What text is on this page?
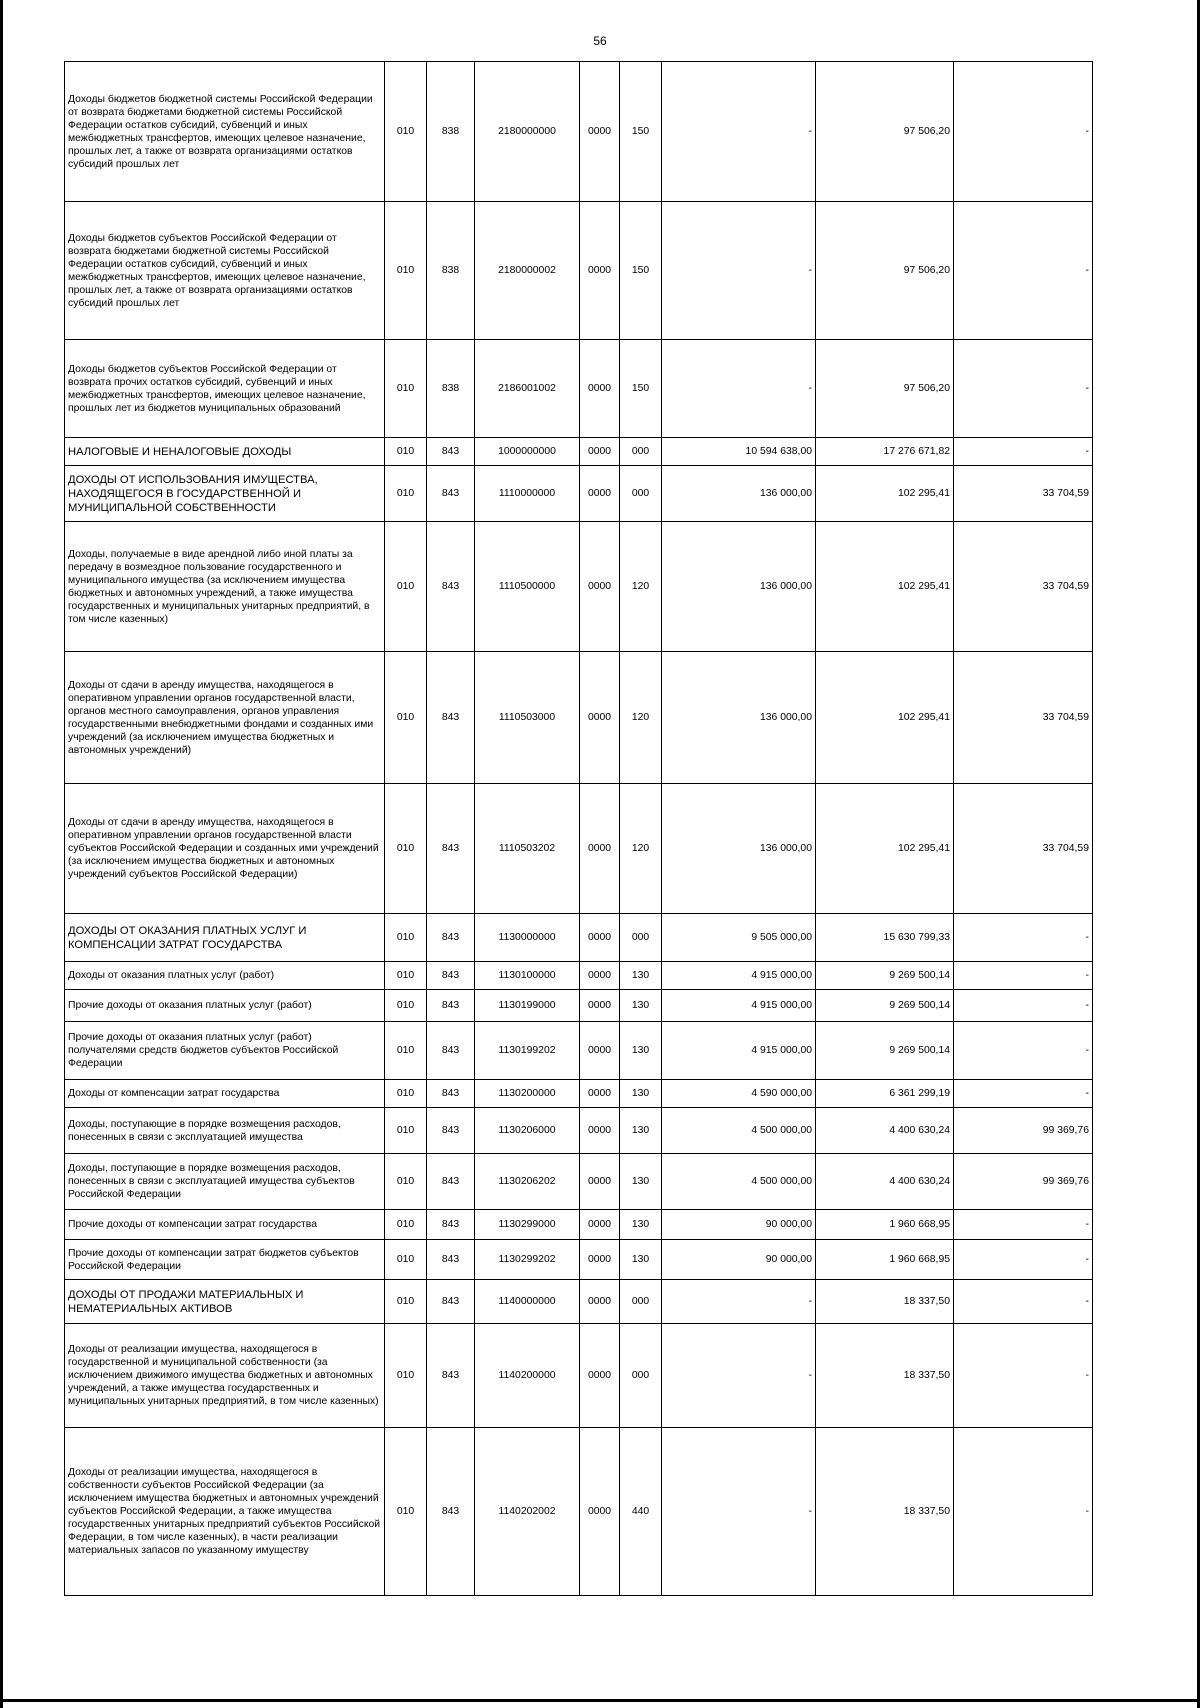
56
Доходы бюджетов бюджетной системы Российской Федерации от возврата бюджетами бюджетной системы Российской Федерации остатков субсидий, субвенций и иных межбюджетных трансфертов, имеющих целевое назначение, прошлых лет, а также от возврата организациями остатков субсидий прошлых лет	010	838	2180000000	0000	150	-	97 506,20	-
Доходы бюджетов субъектов Российской Федерации от возврата бюджетами бюджетной системы Российской Федерации остатков субсидий, субвенций и иных межбюджетных трансфертов, имеющих целевое назначение, прошлых лет, а также от возврата организациями остатков субсидий прошлых лет	010	838	2180000002	0000	150	-	97 506,20	-
Доходы бюджетов субъектов Российской Федерации от возврата прочих остатков субсидий, субвенций и иных межбюджетных трансфертов, имеющих целевое назначение, прошлых лет из бюджетов муниципальных образований	010	838	2186001002	0000	150	-	97 506,20	-
НАЛОГОВЫЕ И НЕНАЛОГОВЫЕ ДОХОДЫ	010	843	1000000000	0000	000	10 594 638,00	17 276 671,82	-
ДОХОДЫ ОТ ИСПОЛЬЗОВАНИЯ ИМУЩЕСТВА, НАХОДЯЩЕГОСЯ В ГОСУДАРСТВЕННОЙ И МУНИЦИПАЛЬНОЙ СОБСТВЕННОСТИ	010	843	1110000000	0000	000	136 000,00	102 295,41	33 704,59
Доходы, получаемые в виде арендной либо иной платы за передачу в возмездное пользование государственного и муниципального имущества (за исключением имущества бюджетных и автономных учреждений, а также имущества государственных и муниципальных унитарных предприятий, в том числе казенных)	010	843	1110500000	0000	120	136 000,00	102 295,41	33 704,59
Доходы от сдачи в аренду имущества, находящегося в оперативном управлении органов государственной власти, органов местного самоуправления, органов управления государственными внебюджетными фондами и созданных ими учреждений (за исключением имущества бюджетных и автономных учреждений)	010	843	1110503000	0000	120	136 000,00	102 295,41	33 704,59
Доходы от сдачи в аренду имущества, находящегося в оперативном управлении органов государственной власти субъектов Российской Федерации и созданных ими учреждений (за исключением имущества бюджетных и автономных учреждений субъектов Российской Федерации)	010	843	1110503202	0000	120	136 000,00	102 295,41	33 704,59
ДОХОДЫ ОТ ОКАЗАНИЯ ПЛАТНЫХ УСЛУГ И КОМПЕНСАЦИИ ЗАТРАТ ГОСУДАРСТВА	010	843	1130000000	0000	000	9 505 000,00	15 630 799,33	-
Доходы от оказания платных услуг (работ)	010	843	1130100000	0000	130	4 915 000,00	9 269 500,14	-
Прочие доходы от оказания платных услуг (работ)	010	843	1130199000	0000	130	4 915 000,00	9 269 500,14	-
Прочие доходы от оказания платных услуг (работ) получателями средств бюджетов субъектов Российской Федерации	010	843	1130199202	0000	130	4 915 000,00	9 269 500,14	-
Доходы от компенсации затрат государства	010	843	1130200000	0000	130	4 590 000,00	6 361 299,19	-
Доходы, поступающие в порядке возмещения расходов, понесенных в связи с эксплуатацией имущества	010	843	1130206000	0000	130	4 500 000,00	4 400 630,24	99 369,76
Доходы, поступающие в порядке возмещения расходов, понесенных в связи с эксплуатацией имущества субъектов Российской Федерации	010	843	1130206202	0000	130	4 500 000,00	4 400 630,24	99 369,76
Прочие доходы от компенсации затрат государства	010	843	1130299000	0000	130	90 000,00	1 960 668,95	-
Прочие доходы от компенсации затрат бюджетов субъектов Российской Федерации	010	843	1130299202	0000	130	90 000,00	1 960 668,95	-
ДОХОДЫ ОТ ПРОДАЖИ МАТЕРИАЛЬНЫХ И НЕМАТЕРИАЛЬНЫХ АКТИВОВ	010	843	1140000000	0000	000	-	18 337,50	-
Доходы от реализации имущества, находящегося в государственной и муниципальной собственности (за исключением движимого имущества бюджетных и автономных учреждений, а также имущества государственных и муниципальных унитарных предприятий, в том числе казенных)	010	843	1140200000	0000	000	-	18 337,50	-
Доходы от реализации имущества, находящегося в собственности субъектов Российской Федерации (за исключением имущества бюджетных и автономных учреждений субъектов Российской Федерации, а также имущества государственных унитарных предприятий субъектов Российской Федерации, в том числе казенных), в части реализации материальных запасов по указанному имуществу	010	843	1140202002	0000	440	-	18 337,50	-
